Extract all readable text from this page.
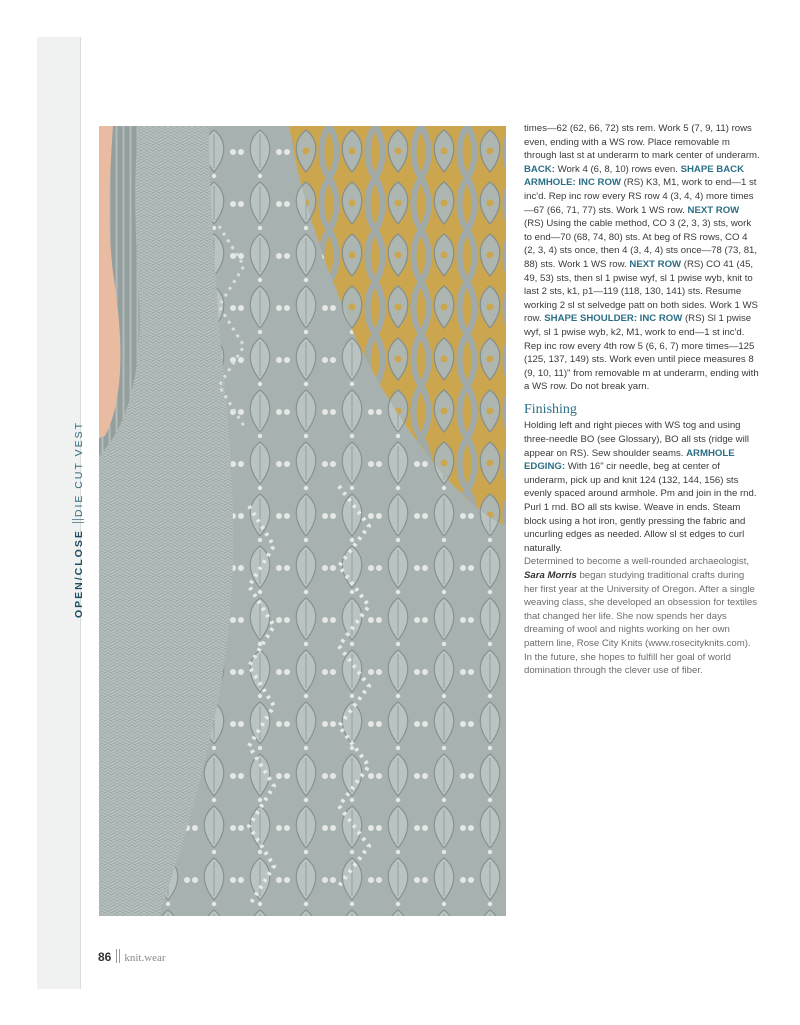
OPEN/CLOSEDIE CUT VEST

times—62 (62, 66, 72) sts rem. Work 5 (7, 9, 11) rows even, ending with a WS row. Place removable m through last st at underarm to mark center of underarm. BACK: Work 4 (6, 8, 10) rows even. SHAPE BACK ARMHOLE: INC ROW (RS) K3, M1, work to end—1 st inc'd. Rep inc row every RS row 4 (3, 4, 4) more times—67 (66, 71, 77) sts. Work 1 WS row. NEXT ROW (RS) Using the cable method, CO 3 (2, 3, 3) sts, work to end—70 (68, 74, 80) sts. At beg of RS rows, CO 4 (2, 3, 4) sts once, then 4 (3, 4, 4) sts once—78 (73, 81, 88) sts. Work 1 WS row. NEXT ROW (RS) CO 41 (45, 49, 53) sts, then sl 1 pwise wyf, sl 1 pwise wyb, knit to last 2 sts, k1, p1—119 (118, 130, 141) sts. Resume working 2 sl st selvedge patt on both sides. Work 1 WS row. SHAPE SHOULDER: INC ROW (RS) Sl 1 pwise wyf, sl 1 pwise wyb, k2, M1, work to end—1 st inc'd. Rep inc row every 4th row 5 (6, 6, 7) more times—125 (125, 137, 149) sts. Work even until piece measures 8 (9, 10, 11)" from removable m at underarm, ending with a WS row. Do not break yarn.

Finishing

Holding left and right pieces with WS tog and using three-needle BO (see Glossary), BO all sts (ridge will appear on RS). Sew shoulder seams. ARMHOLE EDGING: With 16" cir needle, beg at center of underarm, pick up and knit 124 (132, 144, 156) sts evenly spaced around armhole. Pm and join in the rnd. Purl 1 rnd. BO all sts kwise. Weave in ends. Steam block using a hot iron, gently pressing the fabric and uncurling edges as needed. Allow sl st edges to curl naturally.

Determined to become a well-rounded archaeologist, Sara Morris began studying traditional crafts during her first year at the University of Oregon. After a single weaving class, she developed an obsession for textiles that changed her life. She now spends her days dreaming of wool and nights working on her own pattern line, Rose City Knits (www.rosecityknits.com). In the future, she hopes to fulfill her goal of world domination through the clever use of fiber.

86 knit.wear
